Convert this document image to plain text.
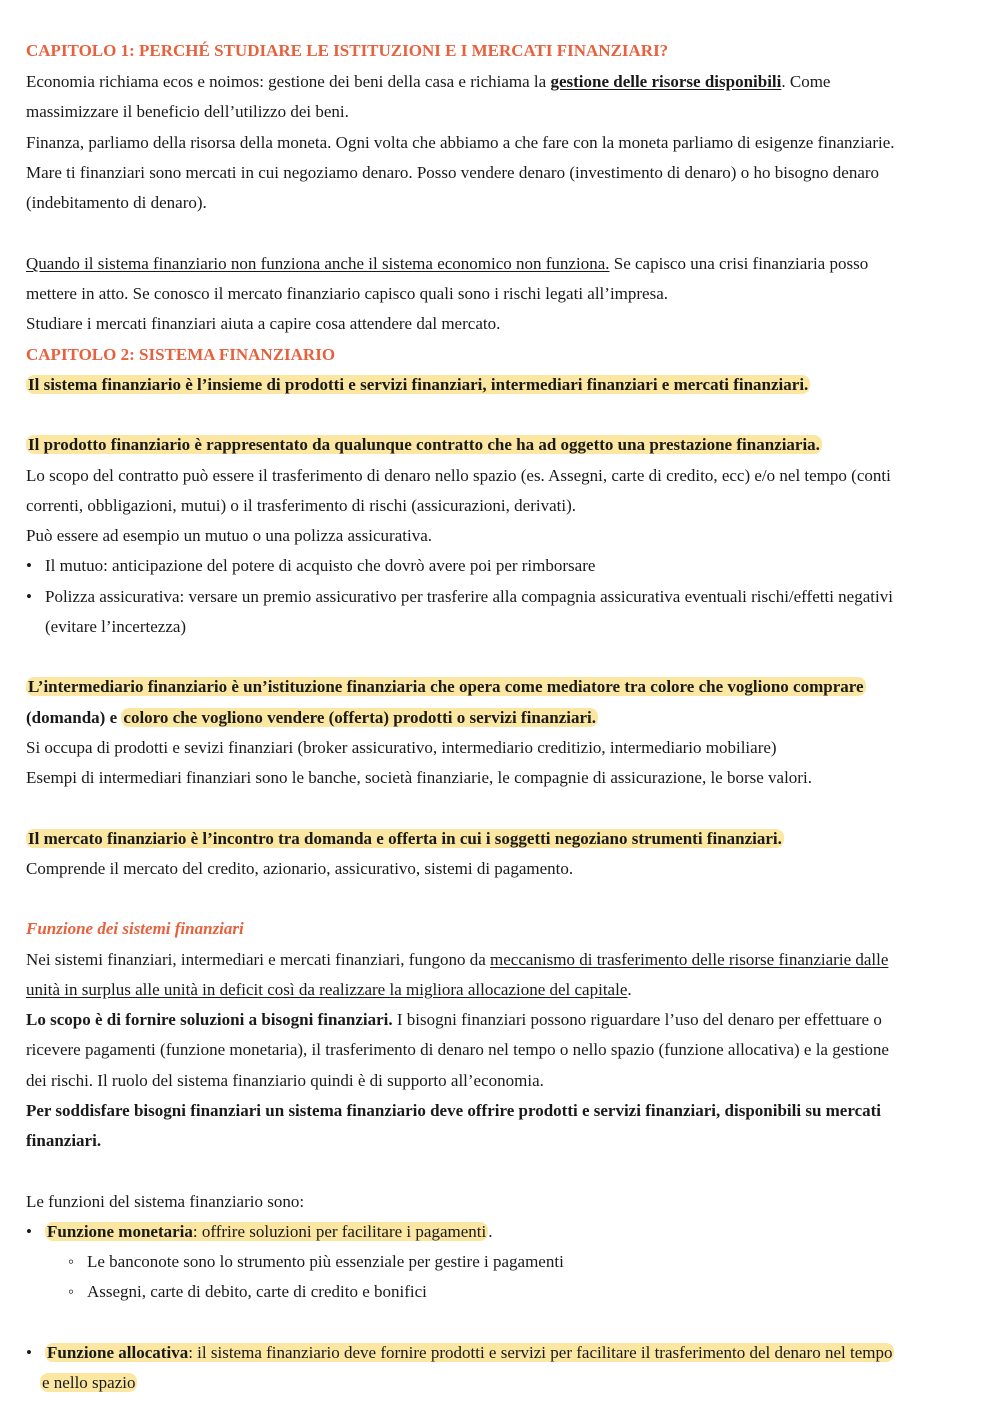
CAPITOLO 1: PERCHÉ STUDIARE LE ISTITUZIONI E I MERCATI FINANZIARI?
Economia richiama ecos e noimos: gestione dei beni della casa e richiama la gestione delle risorse disponibili. Come
massimizzare il beneficio dell’utilizzo dei beni.
Finanza, parliamo della risorsa della moneta. Ogni volta che abbiamo a che fare con la moneta parliamo di esigenze finanziarie.
Mare ti finanziari sono mercati in cui negoziamo denaro. Posso vendere denaro (investimento di denaro) o ho bisogno denaro
(indebitamento di denaro).
Quando il sistema finanziario non funziona anche il sistema economico non funziona. Se capisco una crisi finanziaria posso
mettere in atto. Se conosco il mercato finanziario capisco quali sono i rischi legati all’impresa.
Studiare i mercati finanziari aiuta a capire cosa attendere dal mercato.
CAPITOLO 2: SISTEMA FINANZIARIO
Il sistema finanziario è l’insieme di prodotti e servizi finanziari, intermediari finanziari e mercati finanziari.
Il prodotto finanziario è rappresentato da qualunque contratto che ha ad oggetto una prestazione finanziaria.
Lo scopo del contratto può essere il trasferimento di denaro nello spazio (es. Assegni, carte di credito, ecc) e/o nel tempo (conti
correnti, obbligazioni, mutui) o il trasferimento di rischi (assicurazioni, derivati).
Può essere ad esempio un mutuo o una polizza assicurativa.
• Il mutuo: anticipazione del potere di acquisto che dovrò avere poi per rimborsare
• Polizza assicurativa: versare un premio assicurativo per trasferire alla compagnia assicurativa eventuali rischi/effetti negativi
(evitare l’incertezza)
L’intermediario finanziario è un’istituzione finanziaria che opera come mediatore tra colore che vogliono comprare
(domanda) e coloro che vogliono vendere (offerta) prodotti o servizi finanziari.
Si occupa di prodotti e sevizi finanziari (broker assicurativo, intermediario creditizio, intermediario mobiliare)
Esempi di intermediari finanziari sono le banche, società finanziarie, le compagnie di assicurazione, le borse valori.
Il mercato finanziario è l’incontro tra domanda e offerta in cui i soggetti negoziano strumenti finanziari.
Comprende il mercato del credito, azionario, assicurativo, sistemi di pagamento.
Funzione dei sistemi finanziari
Nei sistemi finanziari, intermediari e mercati finanziari, fungono da meccanismo di trasferimento delle risorse finanziarie dalle
unità in surplus alle unità in deficit così da realizzare la migliora allocazione del capitale.
Lo scopo è di fornire soluzioni a bisogni finanziari. I bisogni finanziari possono riguardare l’uso del denaro per effettuare o
ricevere pagamenti (funzione monetaria), il trasferimento di denaro nel tempo o nello spazio (funzione allocativa) e la gestione
dei rischi. Il ruolo del sistema finanziario quindi è di supporto all’economia.
Per soddisfare bisogni finanziari un sistema finanziario deve offrire prodotti e servizi finanziari, disponibili su mercati
finanziari.
Le funzioni del sistema finanziario sono:
• Funzione monetaria: offrire soluzioni per facilitare i pagamenti .
◦ Le banconote sono lo strumento più essenziale per gestire i pagamenti
◦ Assegni, carte di debito, carte di credito e bonifici
• Funzione allocativa: il sistema finanziario deve fornire prodotti e servizi per facilitare il trasferimento del denaro nel tempo
e nello spazio
